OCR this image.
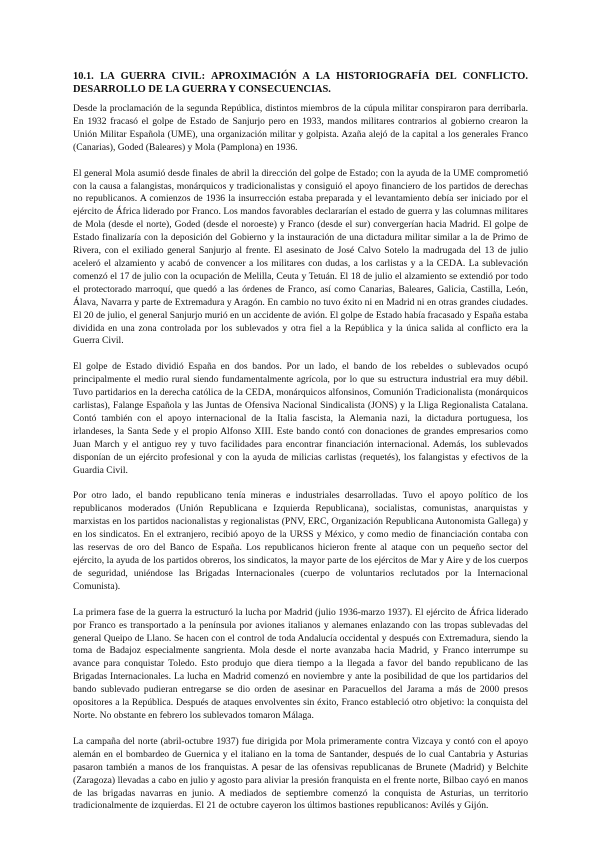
10.1. LA GUERRA CIVIL: APROXIMACIÓN A LA HISTORIOGRAFÍA DEL CONFLICTO. DESARROLLO DE LA GUERRA Y CONSECUENCIAS.

Desde la proclamación de la segunda República, distintos miembros de la cúpula militar conspiraron para derribarla. En 1932 fracasó el golpe de Estado de Sanjurjo pero en 1933, mandos militares contrarios al gobierno crearon la Unión Militar Española (UME), una organización militar y golpista. Azaña alejó de la capital a los generales Franco (Canarias), Goded (Baleares) y Mola (Pamplona) en 1936.

El general Mola asumió desde finales de abril la dirección del golpe de Estado; con la ayuda de la UME comprometió con la causa a falangistas, monárquicos y tradicionalistas y consiguió el apoyo financiero de los partidos de derechas no republicanos. A comienzos de 1936 la insurrección estaba preparada y el levantamiento debía ser iniciado por el ejército de África liderado por Franco. Los mandos favorables declararían el estado de guerra y las columnas militares de Mola (desde el norte), Goded (desde el noroeste) y Franco (desde el sur) convergerían hacia Madrid. El golpe de Estado finalizaría con la deposición del Gobierno y la instauración de una dictadura militar similar a la de Primo de Rivera, con el exiliado general Sanjurjo al frente. El asesinato de José Calvo Sotelo la madrugada del 13 de julio aceleró el alzamiento y acabó de convencer a los militares con dudas, a los carlistas y a la CEDA. La sublevación comenzó el 17 de julio con la ocupación de Melilla, Ceuta y Tetuán. El 18 de julio el alzamiento se extendió por todo el protectorado marroquí, que quedó a las órdenes de Franco, así como Canarias, Baleares, Galicia, Castilla, León, Álava, Navarra y parte de Extremadura y Aragón. En cambio no tuvo éxito ni en Madrid ni en otras grandes ciudades. El 20 de julio, el general Sanjurjo murió en un accidente de avión. El golpe de Estado había fracasado y España estaba dividida en una zona controlada por los sublevados y otra fiel a la República y la única salida al conflicto era la Guerra Civil.

El golpe de Estado dividió España en dos bandos. Por un lado, el bando de los rebeldes o sublevados ocupó principalmente el medio rural siendo fundamentalmente agrícola, por lo que su estructura industrial era muy débil. Tuvo partidarios en la derecha católica de la CEDA, monárquicos alfonsinos, Comunión Tradicionalista (monárquicos carlistas), Falange Española y las Juntas de Ofensiva Nacional Sindicalista (JONS) y la Lliga Regionalista Catalana. Contó también con el apoyo internacional de la Italia fascista, la Alemania nazi, la dictadura portuguesa, los irlandeses, la Santa Sede y el propio Alfonso XIII. Este bando contó con donaciones de grandes empresarios como Juan March y el antiguo rey y tuvo facilidades para encontrar financiación internacional. Además, los sublevados disponían de un ejército profesional y con la ayuda de milicias carlistas (requetés), los falangistas y efectivos de la Guardia Civil.

Por otro lado, el bando republicano tenía mineras e industriales desarrolladas. Tuvo el apoyo político de los republicanos moderados (Unión Republicana e Izquierda Republicana), socialistas, comunistas, anarquistas y marxistas en los partidos nacionalistas y regionalistas (PNV, ERC, Organización Republicana Autonomista Gallega) y en los sindicatos. En el extranjero, recibió apoyo de la URSS y México, y como medio de financiación contaba con las reservas de oro del Banco de España. Los republicanos hicieron frente al ataque con un pequeño sector del ejército, la ayuda de los partidos obreros, los sindicatos, la mayor parte de los ejércitos de Mar y Aire y de los cuerpos de seguridad, uniéndose las Brigadas Internacionales (cuerpo de voluntarios reclutados por la Internacional Comunista).

La primera fase de la guerra la estructuró la lucha por Madrid (julio 1936-marzo 1937). El ejército de África liderado por Franco es transportado a la península por aviones italianos y alemanes enlazando con las tropas sublevadas del general Queipo de Llano. Se hacen con el control de toda Andalucía occidental y después con Extremadura, siendo la toma de Badajoz especialmente sangrienta. Mola desde el norte avanzaba hacia Madrid, y Franco interrumpe su avance para conquistar Toledo. Esto produjo que diera tiempo a la llegada a favor del bando republicano de las Brigadas Internacionales. La lucha en Madrid comenzó en noviembre y ante la posibilidad de que los partidarios del bando sublevado pudieran entregarse se dio orden de asesinar en Paracuellos del Jarama a más de 2000 presos opositores a la República. Después de ataques envolventes sin éxito, Franco estableció otro objetivo: la conquista del Norte. No obstante en febrero los sublevados tomaron Málaga.

La campaña del norte (abril-octubre 1937) fue dirigida por Mola primeramente contra Vizcaya y contó con el apoyo alemán en el bombardeo de Guernica y el italiano en la toma de Santander, después de lo cual Cantabria y Asturias pasaron también a manos de los franquistas. A pesar de las ofensivas republicanas de Brunete (Madrid) y Belchite (Zaragoza) llevadas a cabo en julio y agosto para aliviar la presión franquista en el frente norte, Bilbao cayó en manos de las brigadas navarras en junio. A mediados de septiembre comenzó la conquista de Asturias, un territorio tradicionalmente de izquierdas. El 21 de octubre cayeron los últimos bastiones republicanos: Avilés y Gijón.
